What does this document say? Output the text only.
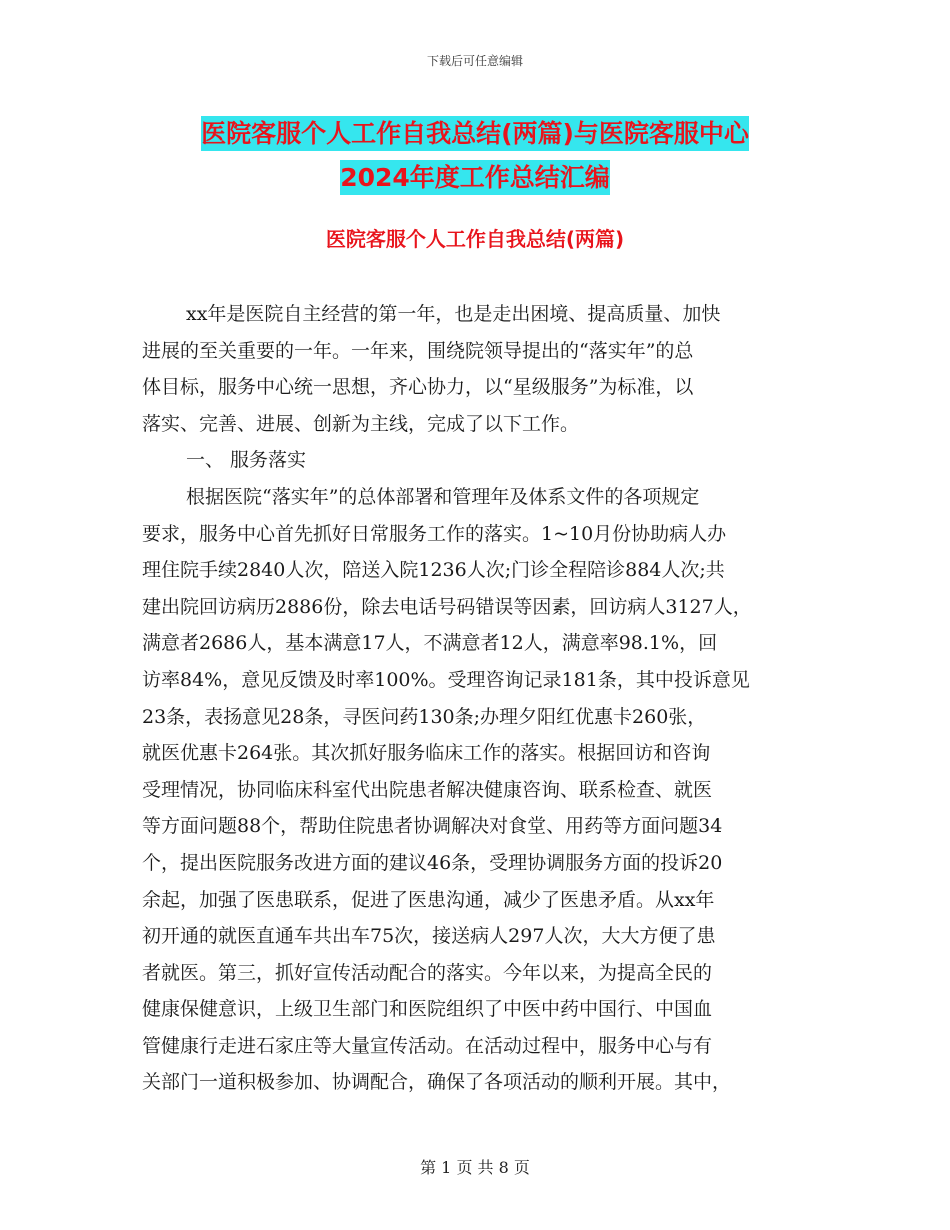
下载后可任意编辑
医院客服个人工作自我总结(两篇)与医院客服中心
2024年度工作总结汇编
医院客服个人工作自我总结(两篇)
xx年是医院自主经营的第一年，也是走出困境、提高质量、加快
进展的至关重要的一年。一年来，围绕院领导提出的“落实年”的总
体目标，服务中心统一思想，齐心协力，以“星级服务”为标准，以
落实、完善、进展、创新为主线，完成了以下工作。
一、 服务落实
根据医院“落实年”的总体部署和管理年及体系文件的各项规定
要求，服务中心首先抓好日常服务工作的落实。1~10月份协助病人办
理住院手续2840人次，陪送入院1236人次;门诊全程陪诊884人次;共
建出院回访病历2886份，除去电话号码错误等因素，回访病人3127人，
满意者2686人，基本满意17人，不满意者12人，满意率98.1%，回
访率84%，意见反馈及时率100%。受理咨询记录181条，其中投诉意见
23条，表扬意见28条，寻医问药130条;办理夕阳红优惠卡260张，
就医优惠卡264张。其次抓好服务临床工作的落实。根据回访和咨询
受理情况，协同临床科室代出院患者解决健康咨询、联系检查、就医
等方面问题88个，帮助住院患者协调解决对食堂、用药等方面问题34
个，提出医院服务改进方面的建议46条，受理协调服务方面的投诉20
余起，加强了医患联系，促进了医患沟通，减少了医患矛盾。从xx年
初开通的就医直通车共出车75次，接送病人297人次，大大方便了患
者就医。第三，抓好宣传活动配合的落实。今年以来，为提高全民的
健康保健意识，上级卫生部门和医院组织了中医中药中国行、中国血
管健康行走进石家庄等大量宣传活动。在活动过程中，服务中心与有
关部门一道积极参加、协调配合，确保了各项活动的顺利开展。其中，
第 1 页 共 8 页
